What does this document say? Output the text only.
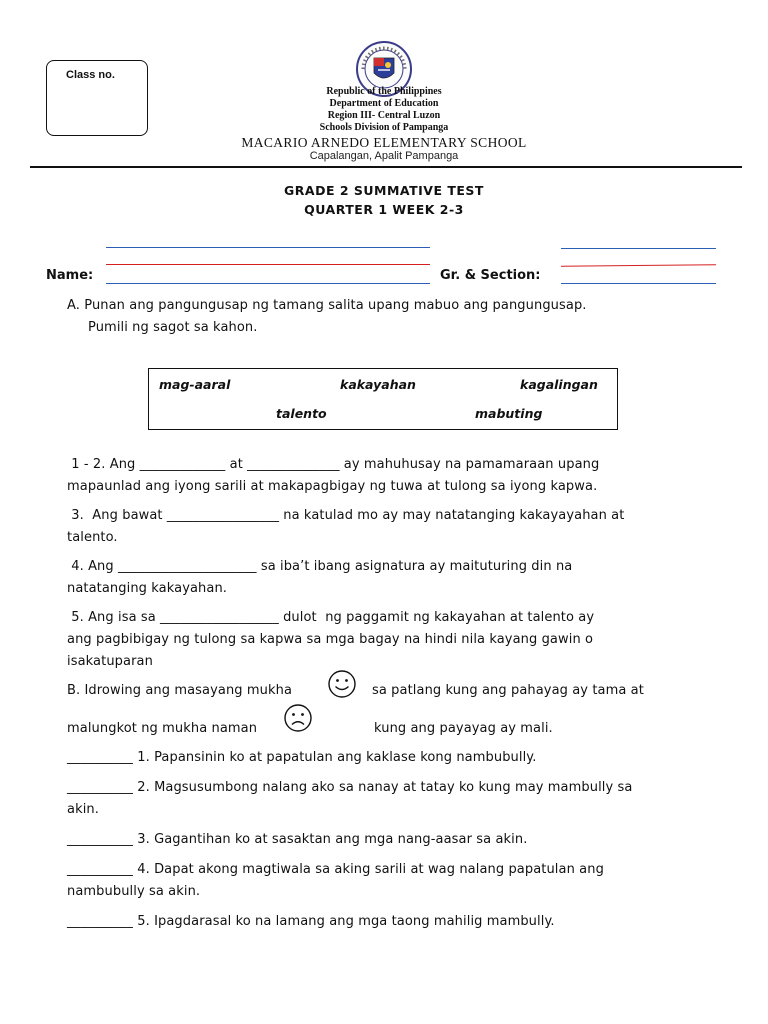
Class no.
Republic of the Philippines
Department of Education
Region III- Central Luzon
Schools Division of Pampanga
MACARIO ARNEDO ELEMENTARY SCHOOL
Capalangan, Apalit Pampanga
GRADE 2 SUMMATIVE TEST
QUARTER 1 WEEK 2-3
Name:	Gr. & Section:
A. Punan ang pangungusap ng tamang salita upang mabuo ang pangungusap.
Pumili ng sagot sa kahon.
mag-aaral	kakayahan	kagalingan
talento	mabuting
1 - 2. Ang _____________ at ______________ ay mahuhusay na pamamaraan upang
mapaunlad ang iyong sarili at makapagbigay ng tuwa at tulong sa iyong kapwa.
3.  Ang bawat _________________ na katulad mo ay may natatanging kakayayahan at
talento.
4. Ang _____________________ sa iba’t ibang asignatura ay maituturing din na
natatanging kakayahan.
5. Ang isa sa __________________ dulot  ng paggamit ng kakayahan at talento ay
ang pagbibigay ng tulong sa kapwa sa mga bagay na hindi nila kayang gawin o
isakatuparan
B. Idrowing ang masayang mukha	sa patlang kung ang pahayag ay tama at
malungkot ng mukha naman	kung ang payayag ay mali.
__________ 1. Papansinin ko at papatulan ang kaklase kong nambubully.
__________ 2. Magsusumbong nalang ako sa nanay at tatay ko kung may mambully sa
akin.
__________ 3. Gagantihan ko at sasaktan ang mga nang-aasar sa akin.
__________ 4. Dapat akong magtiwala sa aking sarili at wag nalang papatulan ang
nambubully sa akin.
__________ 5. Ipagdarasal ko na lamang ang mga taong mahilig mambully.
